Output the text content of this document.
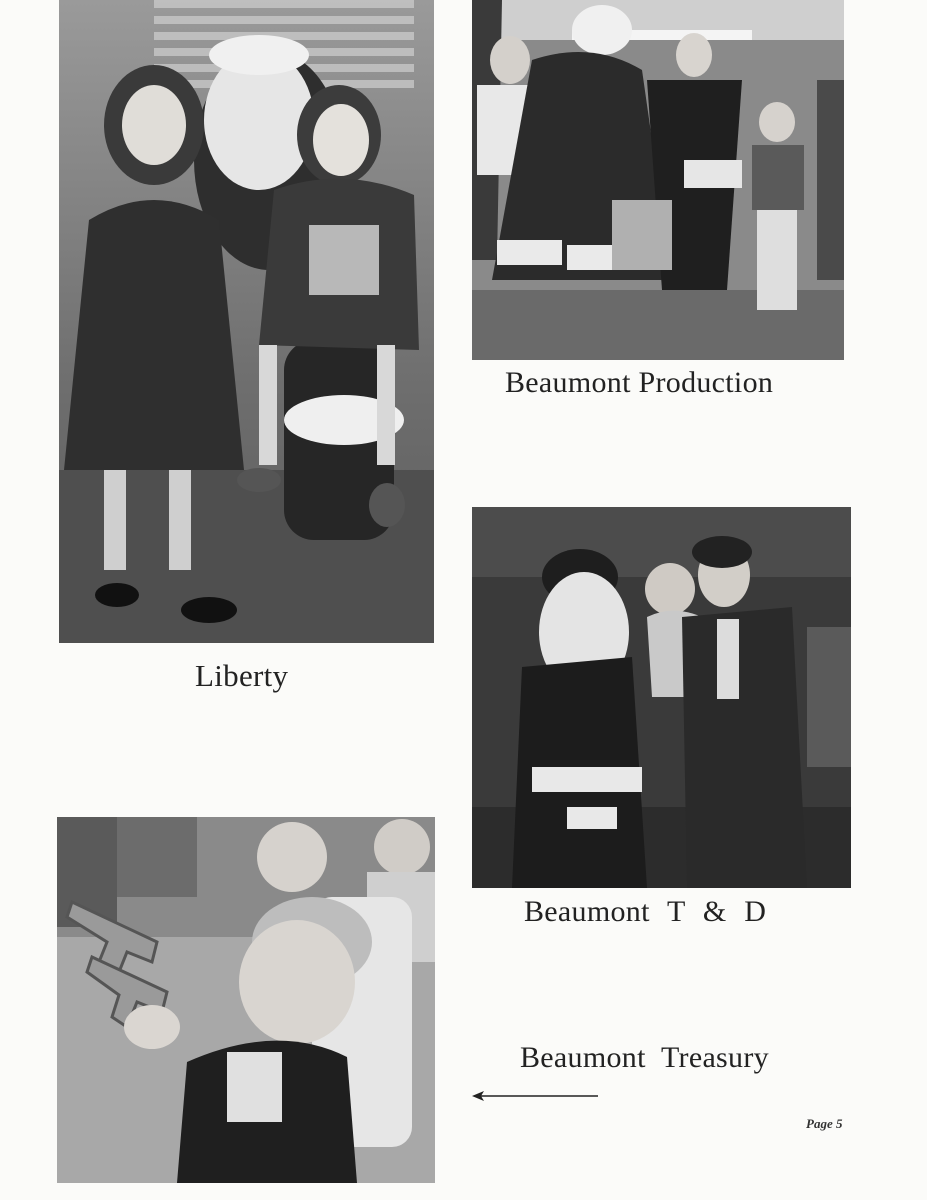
Liberty
Beaumont Production
Beaumont T & D
Beaumont Treasury
Page 5
